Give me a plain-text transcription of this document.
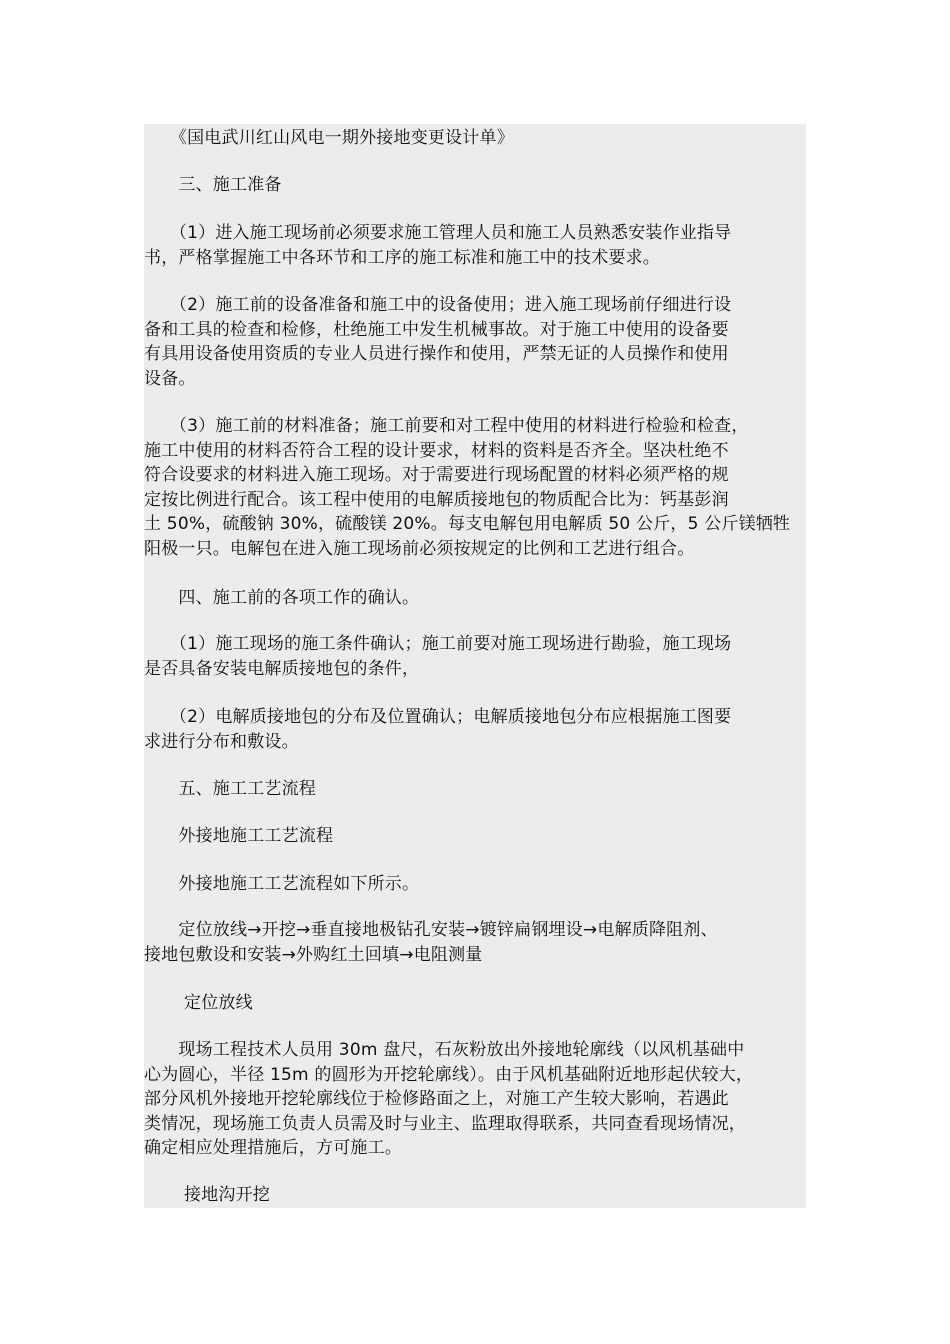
　　《国电武川红山风电一期外接地变更设计单》

　　三、施工准备

　　（1）进入施工现场前必须要求施工管理人员和施工人员熟悉安装作业指导
书，严格掌握施工中各环节和工序的施工标准和施工中的技术要求。

　　（2）施工前的设备准备和施工中的设备使用；进入施工现场前仔细进行设
备和工具的检查和检修，杜绝施工中发生机械事故。对于施工中使用的设备要
有具用设备使用资质的专业人员进行操作和使用，严禁无证的人员操作和使用
设备。

　　（3）施工前的材料准备；施工前要和对工程中使用的材料进行检验和检查，
施工中使用的材料否符合工程的设计要求，材料的资料是否齐全。坚决杜绝不
符合设要求的材料进入施工现场。对于需要进行现场配置的材料必须严格的规
定按比例进行配合。该工程中使用的电解质接地包的物质配合比为：钙基彭润
土 50%，硫酸钠 30%，硫酸镁 20%。每支电解包用电解质 50 公斤，5 公斤镁牺牲
阳极一只。电解包在进入施工现场前必须按规定的比例和工艺进行组合。

　　四、施工前的各项工作的确认。

　　（1）施工现场的施工条件确认；施工前要对施工现场进行勘验，施工现场
是否具备安装电解质接地包的条件，

　　（2）电解质接地包的分布及位置确认；电解质接地包分布应根据施工图要
求进行分布和敷设。

　　五、施工工艺流程

　　外接地施工工艺流程

　　外接地施工工艺流程如下所示。

　　定位放线→开挖→垂直接地极钻孔安装→镀锌扁钢埋设→电解质降阻剂、
接地包敷设和安装→外购红土回填→电阻测量

　　 定位放线

　　现场工程技术人员用 30m 盘尺，石灰粉放出外接地轮廓线（以风机基础中
心为圆心，半径 15m 的圆形为开挖轮廓线）。由于风机基础附近地形起伏较大，
部分风机外接地开挖轮廓线位于检修路面之上，对施工产生较大影响，若遇此
类情况，现场施工负责人员需及时与业主、监理取得联系，共同查看现场情况，
确定相应处理措施后，方可施工。

　　 接地沟开挖
